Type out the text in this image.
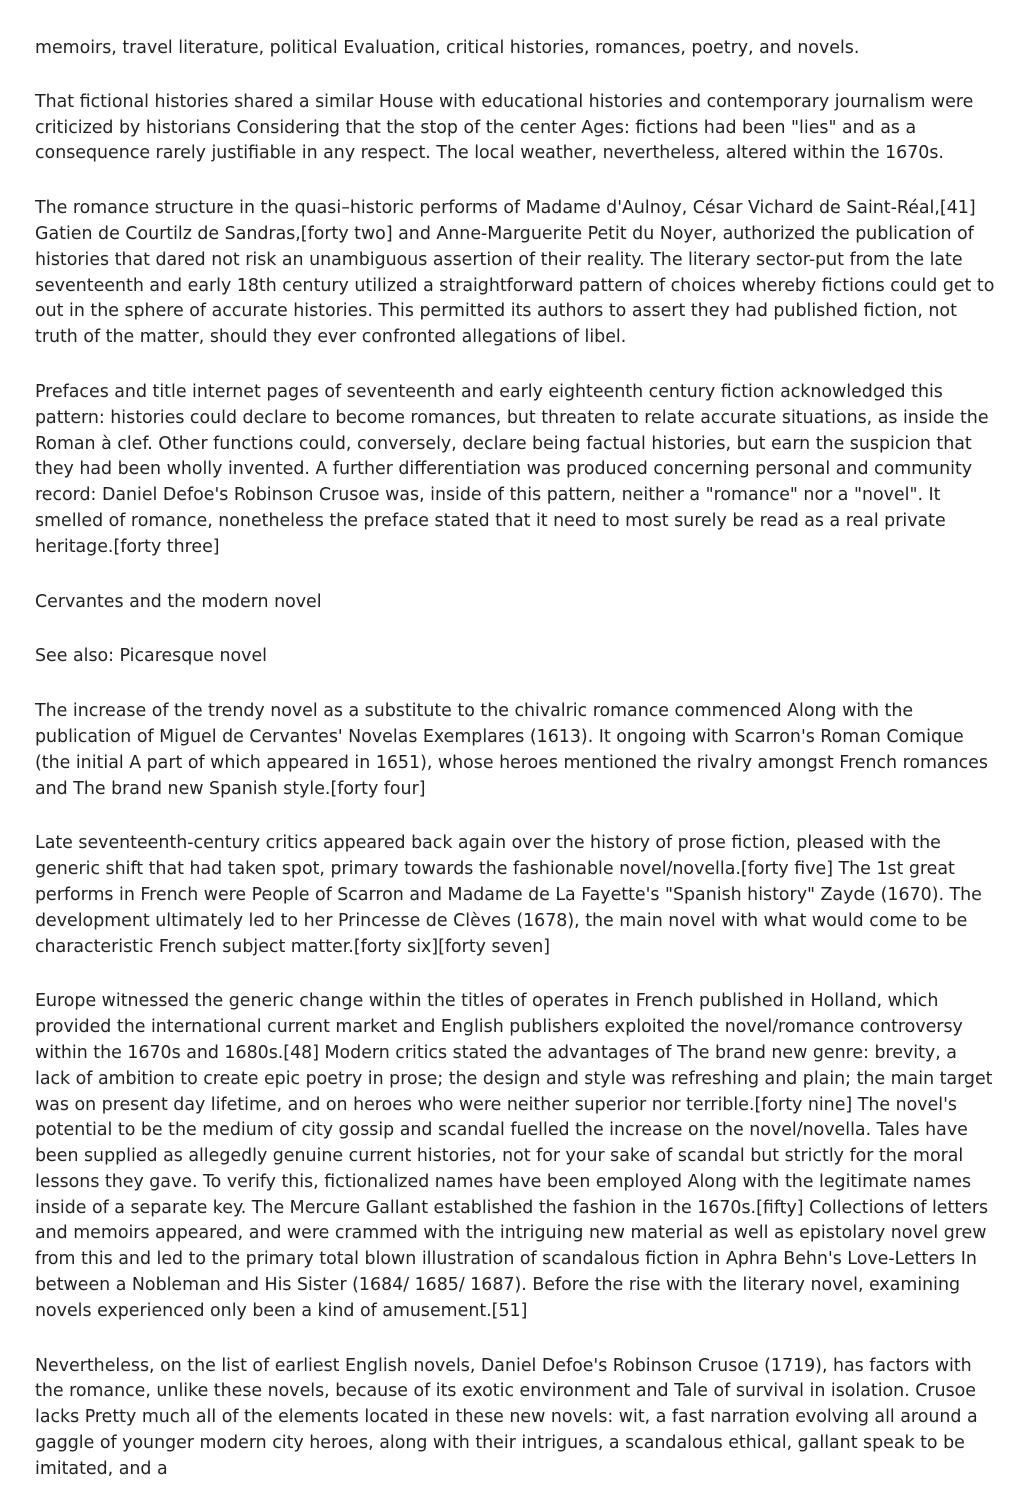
memoirs, travel literature, political Evaluation, critical histories, romances, poetry, and novels.

That fictional histories shared a similar House with educational histories and contemporary journalism were criticized by historians Considering that the stop of the center Ages: fictions had been "lies" and as a consequence rarely justifiable in any respect. The local weather, nevertheless, altered within the 1670s.

The romance structure in the quasi–historic performs of Madame d'Aulnoy, César Vichard de Saint-Réal,[41] Gatien de Courtilz de Sandras,[forty two] and Anne-Marguerite Petit du Noyer, authorized the publication of histories that dared not risk an unambiguous assertion of their reality. The literary sector-put from the late seventeenth and early 18th century utilized a straightforward pattern of choices whereby fictions could get to out in the sphere of accurate histories. This permitted its authors to assert they had published fiction, not truth of the matter, should they ever confronted allegations of libel.

Prefaces and title internet pages of seventeenth and early eighteenth century fiction acknowledged this pattern: histories could declare to become romances, but threaten to relate accurate situations, as inside the Roman à clef. Other functions could, conversely, declare being factual histories, but earn the suspicion that they had been wholly invented. A further differentiation was produced concerning personal and community record: Daniel Defoe's Robinson Crusoe was, inside of this pattern, neither a "romance" nor a "novel". It smelled of romance, nonetheless the preface stated that it need to most surely be read as a real private heritage.[forty three]

Cervantes and the modern novel

See also: Picaresque novel

The increase of the trendy novel as a substitute to the chivalric romance commenced Along with the publication of Miguel de Cervantes' Novelas Exemplares (1613). It ongoing with Scarron's Roman Comique (the initial A part of which appeared in 1651), whose heroes mentioned the rivalry amongst French romances and The brand new Spanish style.[forty four]

Late seventeenth-century critics appeared back again over the history of prose fiction, pleased with the generic shift that had taken spot, primary towards the fashionable novel/novella.[forty five] The 1st great performs in French were People of Scarron and Madame de La Fayette's "Spanish history" Zayde (1670). The development ultimately led to her Princesse de Clèves (1678), the main novel with what would come to be characteristic French subject matter.[forty six][forty seven]

Europe witnessed the generic change within the titles of operates in French published in Holland, which provided the international current market and English publishers exploited the novel/romance controversy within the 1670s and 1680s.[48] Modern critics stated the advantages of The brand new genre: brevity, a lack of ambition to create epic poetry in prose; the design and style was refreshing and plain; the main target was on present day lifetime, and on heroes who were neither superior nor terrible.[forty nine] The novel's potential to be the medium of city gossip and scandal fuelled the increase on the novel/novella. Tales have been supplied as allegedly genuine current histories, not for your sake of scandal but strictly for the moral lessons they gave. To verify this, fictionalized names have been employed Along with the legitimate names inside of a separate key. The Mercure Gallant established the fashion in the 1670s.[fifty] Collections of letters and memoirs appeared, and were crammed with the intriguing new material as well as epistolary novel grew from this and led to the primary total blown illustration of scandalous fiction in Aphra Behn's Love-Letters In between a Nobleman and His Sister (1684/ 1685/ 1687). Before the rise with the literary novel, examining novels experienced only been a kind of amusement.[51]

Nevertheless, on the list of earliest English novels, Daniel Defoe's Robinson Crusoe (1719), has factors with the romance, unlike these novels, because of its exotic environment and Tale of survival in isolation. Crusoe lacks Pretty much all of the elements located in these new novels: wit, a fast narration evolving all around a gaggle of younger modern city heroes, along with their intrigues, a scandalous ethical, gallant speak to be imitated, and a
